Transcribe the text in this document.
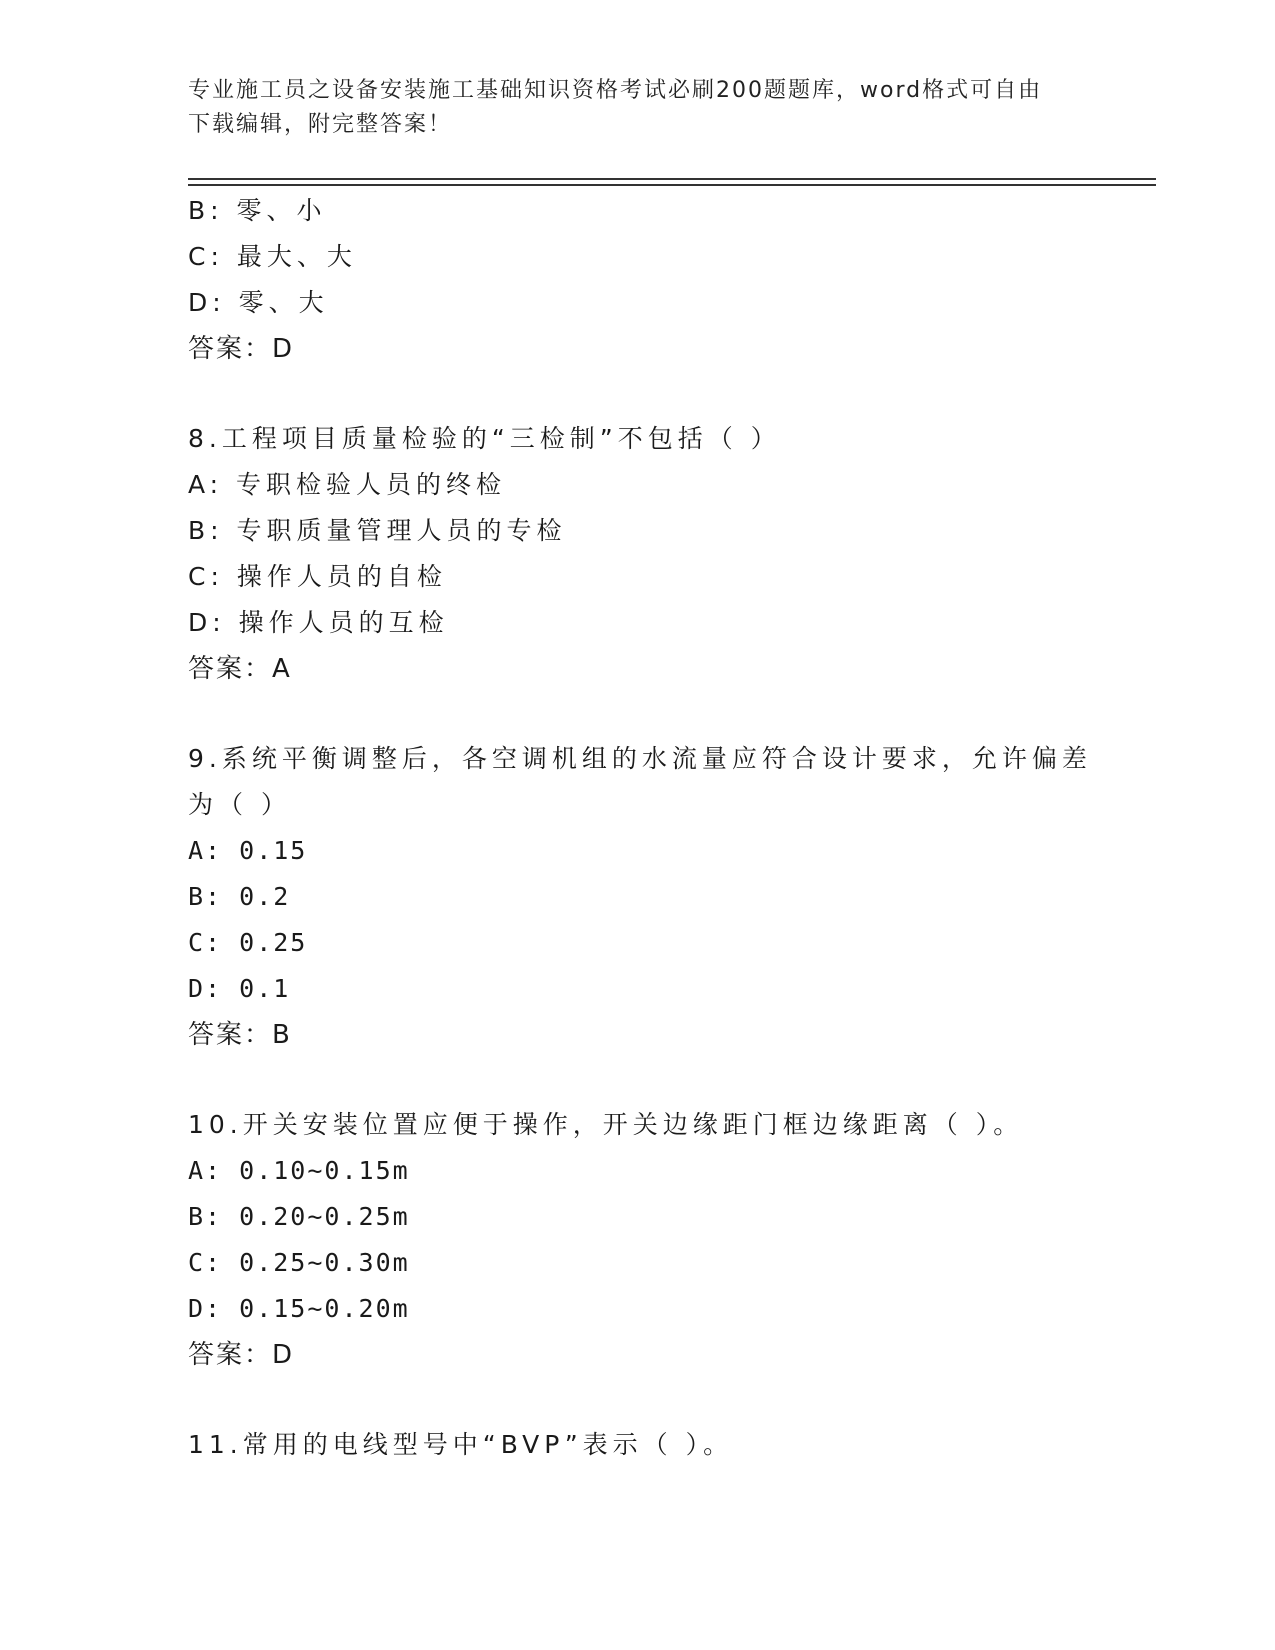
专业施工员之设备安装施工基础知识资格考试必刷200题题库，word格式可自由
下载编辑，附完整答案！
B: 零、小
C: 最大、大
D: 零、大
答案：D
8.工程项目质量检验的“三检制”不包括（ ）
A: 专职检验人员的终检
B: 专职质量管理人员的专检
C: 操作人员的自检
D: 操作人员的互检
答案：A
9.系统平衡调整后，各空调机组的水流量应符合设计要求，允许偏差
为（ ）
A: 0.15
B: 0.2
C: 0.25
D: 0.1
答案：B
10.开关安装位置应便于操作，开关边缘距门框边缘距离（ ）。
A: 0.10~0.15m
B: 0.20~0.25m
C: 0.25~0.30m
D: 0.15~0.20m
答案：D
11.常用的电线型号中“BVP”表示（ ）。
